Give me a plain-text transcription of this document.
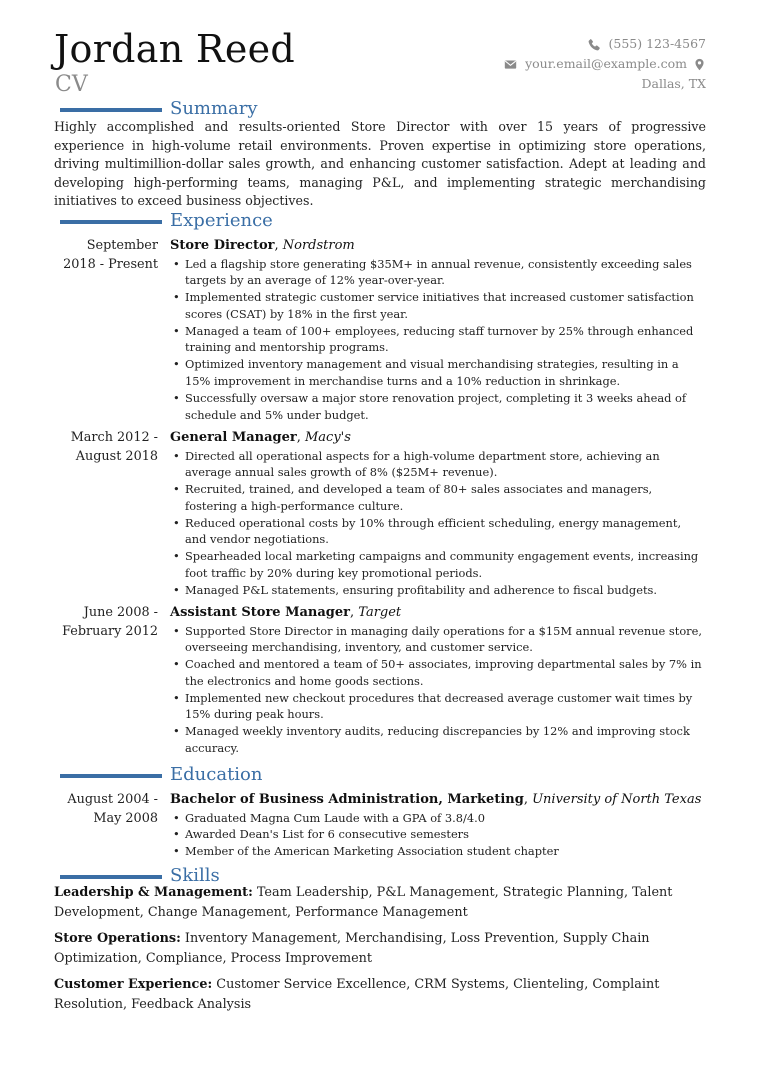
Jordan Reed
CV
(555) 123-4567
your.email@example.com
Dallas, TX
Summary
Highly accomplished and results-oriented Store Director with over 15 years of progressive experience in high-volume retail environments. Proven expertise in optimizing store operations, driving multimillion-dollar sales growth, and enhancing customer satisfaction. Adept at leading and developing high-performing teams, managing P&L, and implementing strategic merchandising initiatives to exceed business objectives.
Experience
September
2018 - Present
Store Director, Nordstrom
• Led a flagship store generating $35M+ in annual revenue, consistently exceeding sales targets by an average of 12% year-over-year.
• Implemented strategic customer service initiatives that increased customer satisfaction scores (CSAT) by 18% in the first year.
• Managed a team of 100+ employees, reducing staff turnover by 25% through enhanced training and mentorship programs.
• Optimized inventory management and visual merchandising strategies, resulting in a 15% improvement in merchandise turns and a 10% reduction in shrinkage.
• Successfully oversaw a major store renovation project, completing it 3 weeks ahead of schedule and 5% under budget.
March 2012 -
August 2018
General Manager, Macy's
• Directed all operational aspects for a high-volume department store, achieving an average annual sales growth of 8% ($25M+ revenue).
• Recruited, trained, and developed a team of 80+ sales associates and managers, fostering a high-performance culture.
• Reduced operational costs by 10% through efficient scheduling, energy management, and vendor negotiations.
• Spearheaded local marketing campaigns and community engagement events, increasing foot traffic by 20% during key promotional periods.
• Managed P&L statements, ensuring profitability and adherence to fiscal budgets.
June 2008 -
February 2012
Assistant Store Manager, Target
• Supported Store Director in managing daily operations for a $15M annual revenue store, overseeing merchandising, inventory, and customer service.
• Coached and mentored a team of 50+ associates, improving departmental sales by 7% in the electronics and home goods sections.
• Implemented new checkout procedures that decreased average customer wait times by 15% during peak hours.
• Managed weekly inventory audits, reducing discrepancies by 12% and improving stock accuracy.
Education
August 2004 -
May 2008
Bachelor of Business Administration, Marketing, University of North Texas
• Graduated Magna Cum Laude with a GPA of 3.8/4.0
• Awarded Dean's List for 6 consecutive semesters
• Member of the American Marketing Association student chapter
Skills
Leadership & Management: Team Leadership, P&L Management, Strategic Planning, Talent Development, Change Management, Performance Management
Store Operations: Inventory Management, Merchandising, Loss Prevention, Supply Chain Optimization, Compliance, Process Improvement
Customer Experience: Customer Service Excellence, CRM Systems, Clienteling, Complaint Resolution, Feedback Analysis
